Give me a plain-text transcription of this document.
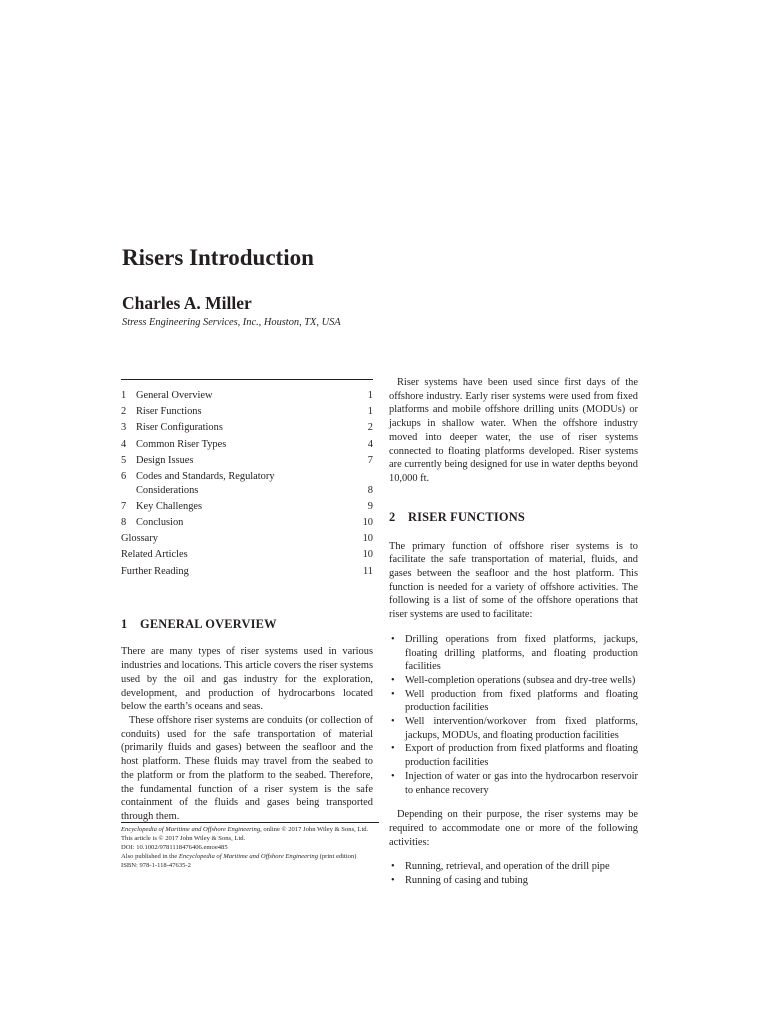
Risers Introduction
Charles A. Miller
Stress Engineering Services, Inc., Houston, TX, USA
1 General Overview	1
2 Riser Functions	1
3 Riser Configurations	2
4 Common Riser Types	4
5 Design Issues	7
6 Codes and Standards, Regulatory Considerations	8
7 Key Challenges	9
8 Conclusion	10
Glossary	10
Related Articles	10
Further Reading	11
1	GENERAL OVERVIEW

There are many types of riser systems used in various industries and locations. This article covers the riser systems used by the oil and gas industry for the exploration, development, and production of hydrocarbons located below the earth’s oceans and seas.

These offshore riser systems are conduits (or collection of conduits) used for the safe transportation of material (primarily fluids and gases) between the seafloor and the host platform. These fluids may travel from the seabed to the platform or from the platform to the seabed. Therefore, the fundamental function of a riser system is the safe containment of the fluids and gases being transported through them.

Encyclopedia of Maritime and Offshore Engineering, online © 2017 John Wiley & Sons, Ltd.
This article is © 2017 John Wiley & Sons, Ltd.
DOI: 10.1002/9781118476406.emoe485
Also published in the Encyclopedia of Maritime and Offshore Engineering (print edition)
ISBN: 978-1-118-47635-2
Riser systems have been used since first days of the offshore industry. Early riser systems were used from fixed platforms and mobile offshore drilling units (MODUs) or jackups in shallow water. When the offshore industry moved into deeper water, the use of riser systems connected to floating platforms developed. Riser systems are currently being designed for use in water depths beyond 10,000 ft.
2	RISER FUNCTIONS
The primary function of offshore riser systems is to facilitate the safe transportation of material, fluids, and gases between the seafloor and the host platform. This function is needed for a variety of offshore activities. The following is a list of some of the offshore operations that riser systems are used to facilitate:
• Drilling operations from fixed platforms, jackups, floating drilling platforms, and floating production facilities
• Well-completion operations (subsea and dry-tree wells)
• Well production from fixed platforms and floating production facilities
• Well intervention/workover from fixed platforms, jackups, MODUs, and floating production facilities
• Export of production from fixed platforms and floating production facilities
• Injection of water or gas into the hydrocarbon reservoir to enhance recovery
Depending on their purpose, the riser systems may be required to accommodate one or more of the following activities:
• Running, retrieval, and operation of the drill pipe
• Running of casing and tubing
